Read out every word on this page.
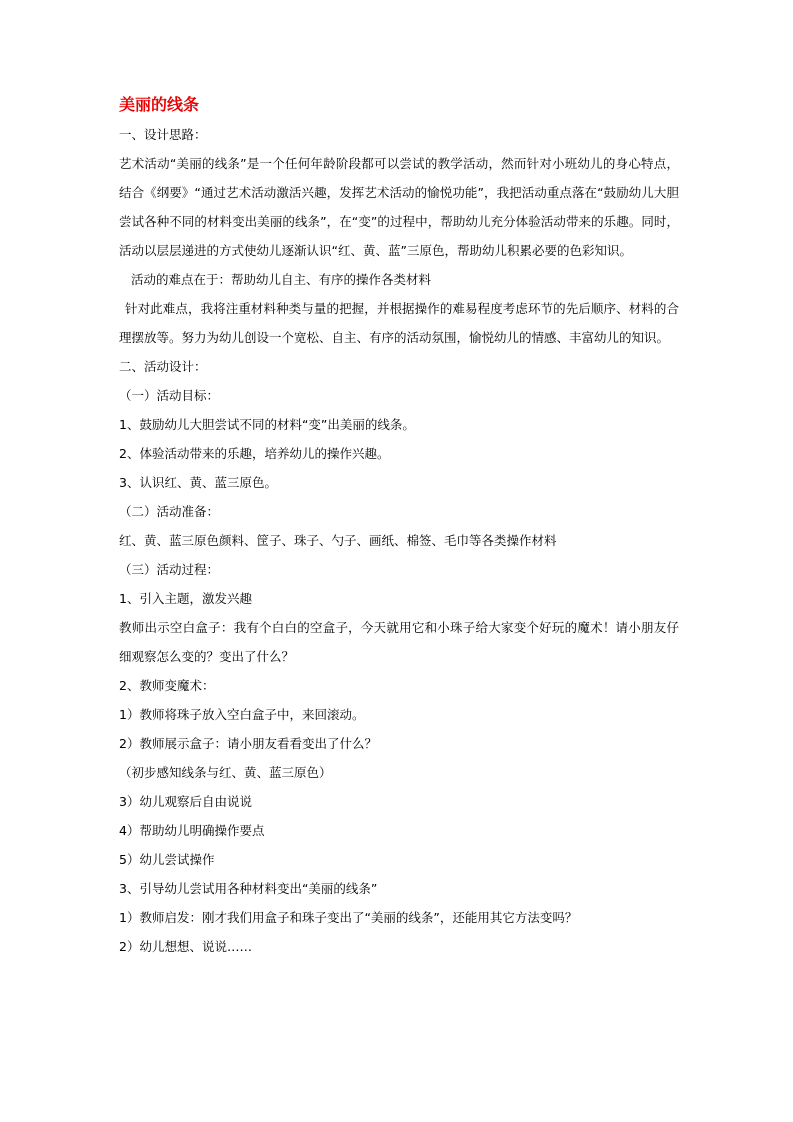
美丽的线条
一、设计思路：

艺术活动“美丽的线条”是一个任何年龄阶段都可以尝试的教学活动，然而针对小班幼儿的身心特点，结合《纲要》“通过艺术活动激活兴趣，发挥艺术活动的愉悦功能”，我把活动重点落在“鼓励幼儿大胆尝试各种不同的材料变出美丽的线条”，在“变”的过程中，帮助幼儿充分体验活动带来的乐趣。同时，活动以层层递进的方式使幼儿逐渐认识“红、黄、蓝”三原色，帮助幼儿积累必要的色彩知识。

活动的难点在于：帮助幼儿自主、有序的操作各类材料

针对此难点，我将注重材料种类与量的把握，并根据操作的难易程度考虑环节的先后顺序、材料的合理摆放等。努力为幼儿创设一个宽松、自主、有序的活动氛围，愉悦幼儿的情感、丰富幼儿的知识。

二、活动设计：
（一）活动目标：
1、鼓励幼儿大胆尝试不同的材料“变”出美丽的线条。
2、体验活动带来的乐趣，培养幼儿的操作兴趣。
3、认识红、黄、蓝三原色。
（二）活动准备：
红、黄、蓝三原色颜料、筐子、珠子、勺子、画纸、棉签、毛巾等各类操作材料
（三）活动过程：
1、引入主题，激发兴趣

教师出示空白盒子：我有个白白的空盒子，今天就用它和小珠子给大家变个好玩的魔术！请小朋友仔细观察怎么变的？变出了什么？

2、教师变魔术：
1）教师将珠子放入空白盒子中，来回滚动。
2）教师展示盒子：请小朋友看看变出了什么？
（初步感知线条与红、黄、蓝三原色）
3）幼儿观察后自由说说
4）帮助幼儿明确操作要点
5）幼儿尝试操作
3、引导幼儿尝试用各种材料变出“美丽的线条”
1）教师启发：刚才我们用盒子和珠子变出了“美丽的线条”，还能用其它方法变吗？
2）幼儿想想、说说……
